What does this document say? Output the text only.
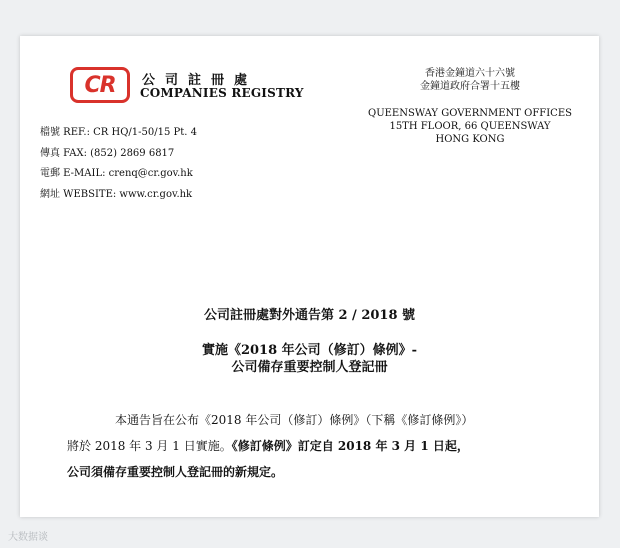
CR 公司註冊處
COMPANIES REGISTRY
香港金鐘道六十六號
金鐘道政府合署十五樓
QUEENSWAY GOVERNMENT OFFICES
15TH FLOOR, 66 QUEENSWAY
HONG KONG
檔號 REF.: CR HQ/1-50/15 Pt. 4
傳真 FAX: (852) 2869 6817
電郵 E-MAIL: crenq@cr.gov.hk
網址 WEBSITE: www.cr.gov.hk
公司註冊處對外通告第 2 / 2018 號
實施《2018 年公司（修訂）條例》-
公司備存重要控制人登記冊
本通告旨在公布《2018 年公司（修訂）條例》（下稱《修訂條例》）
將於 2018 年 3 月 1 日實施。《修訂條例》訂定自 2018 年 3 月 1 日起，
公司須備存重要控制人登記冊的新規定。
大数据谈
